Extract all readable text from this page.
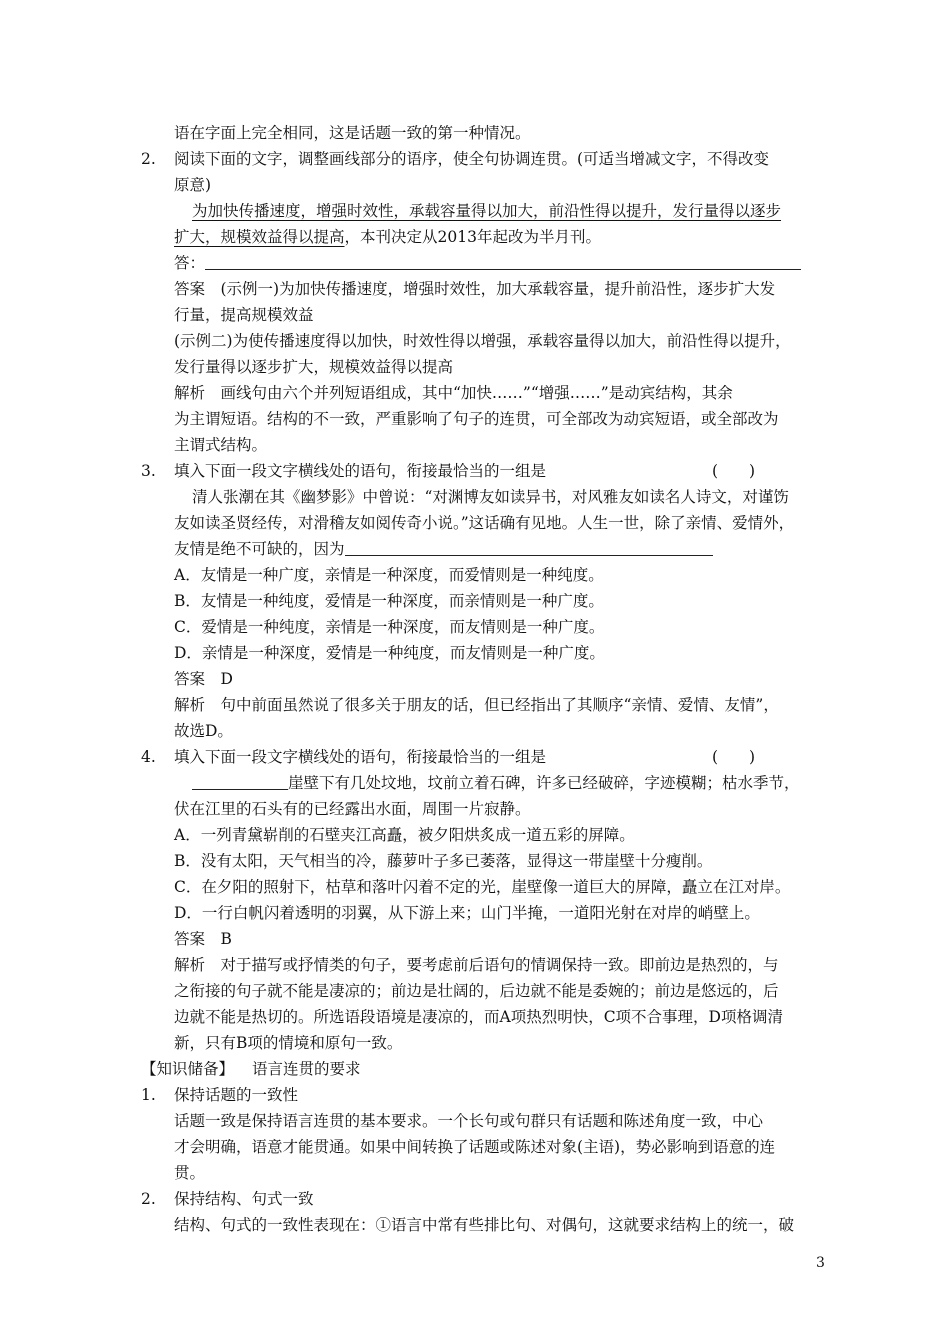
语在字面上完全相同，这是话题一致的第一种情况。
2. 阅读下面的文字，调整画线部分的语序，使全句协调连贯。(可适当增减文字，不得改变
原意)
为加快传播速度，增强时效性，承载容量得以加大，前沿性得以提升，发行量得以逐步
扩大，规模效益得以提高，本刊决定从2013年起改为半月刊。
答：
答案　(示例一)为加快传播速度，增强时效性，加大承载容量，提升前沿性，逐步扩大发
行量，提高规模效益
(示例二)为使传播速度得以加快，时效性得以增强，承载容量得以加大，前沿性得以提升，
发行量得以逐步扩大，规模效益得以提高
解析　画线句由六个并列短语组成，其中“加快……”“增强……”是动宾结构，其余
为主谓短语。结构的不一致，严重影响了句子的连贯，可全部改为动宾短语，或全部改为
主谓式结构。
3. 填入下面一段文字横线处的语句，衔接最恰当的一组是	(　　)
清人张潮在其《幽梦影》中曾说：“对渊博友如读异书，对风雅友如读名人诗文，对谨饬
友如读圣贤经传，对滑稽友如阅传奇小说。”这话确有见地。人生一世，除了亲情、爱情外，
友情是绝不可缺的，因为
A．友情是一种广度，亲情是一种深度，而爱情则是一种纯度。
B．友情是一种纯度，爱情是一种深度，而亲情则是一种广度。
C．爱情是一种纯度，亲情是一种深度，而友情则是一种广度。
D．亲情是一种深度，爱情是一种纯度，而友情则是一种广度。
答案　D
解析　句中前面虽然说了很多关于朋友的话，但已经指出了其顺序“亲情、爱情、友情”，
故选D。
4. 填入下面一段文字横线处的语句，衔接最恰当的一组是	(　　)
崖壁下有几处坟地，坟前立着石碑，许多已经破碎，字迹模糊；枯水季节，
伏在江里的石头有的已经露出水面，周围一片寂静。
A．一列青黛崭削的石壁夹江高矗，被夕阳烘炙成一道五彩的屏障。
B．没有太阳，天气相当的冷，藤萝叶子多已萎落，显得这一带崖壁十分瘦削。
C．在夕阳的照射下，枯草和落叶闪着不定的光，崖壁像一道巨大的屏障，矗立在江对岸。
D．一行白帆闪着透明的羽翼，从下游上来；山门半掩，一道阳光射在对岸的峭壁上。
答案　B
解析　对于描写或抒情类的句子，要考虑前后语句的情调保持一致。即前边是热烈的，与
之衔接的句子就不能是凄凉的；前边是壮阔的，后边就不能是委婉的；前边是悠远的，后
边就不能是热切的。所选语段语境是凄凉的，而A项热烈明快，C项不合事理，D项格调清
新，只有B项的情境和原句一致。
【知识储备】 语言连贯的要求
1. 保持话题的一致性
话题一致是保持语言连贯的基本要求。一个长句或句群只有话题和陈述角度一致，中心
才会明确，语意才能贯通。如果中间转换了话题或陈述对象(主语)，势必影响到语意的连
贯。
2. 保持结构、句式一致
结构、句式的一致性表现在：①语言中常有些排比句、对偶句，这就要求结构上的统一，破
3
